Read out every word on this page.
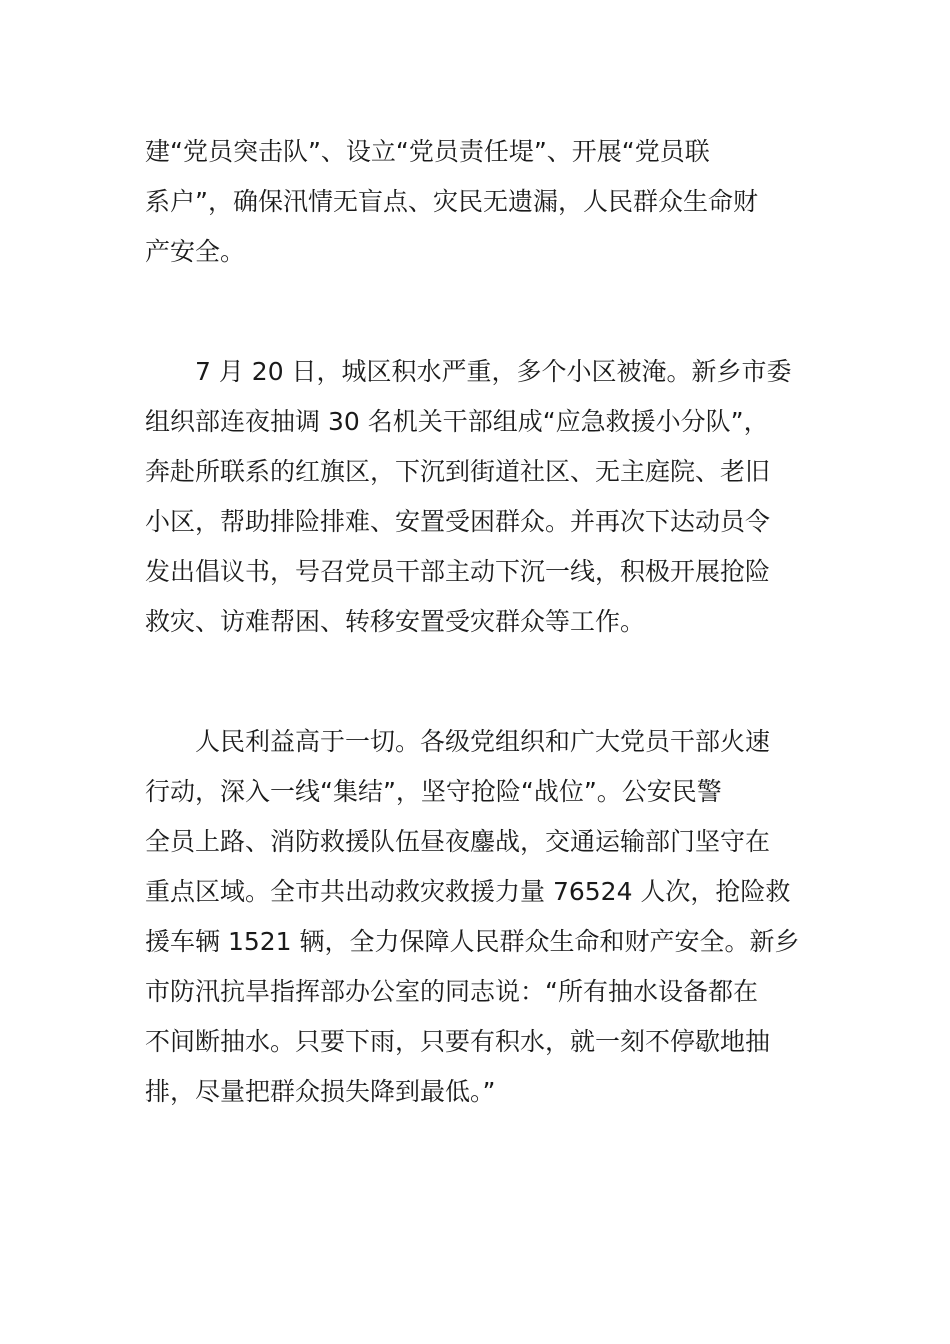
建“党员突击队”、设立“党员责任堤”、开展“党员联
系户”，确保汛情无盲点、灾民无遗漏，人民群众生命财
产安全。
7 月 20 日，城区积水严重，多个小区被淹。新乡市委
组织部连夜抽调 30 名机关干部组成“应急救援小分队”，
奔赴所联系的红旗区，下沉到街道社区、无主庭院、老旧
小区，帮助排险排难、安置受困群众。并再次下达动员令
发出倡议书，号召党员干部主动下沉一线，积极开展抢险
救灾、访难帮困、转移安置受灾群众等工作。
人民利益高于一切。各级党组织和广大党员干部火速
行动，深入一线“集结”，坚守抢险“战位”。公安民警
全员上路、消防救援队伍昼夜鏖战，交通运输部门坚守在
重点区域。全市共出动救灾救援力量 76524 人次，抢险救
援车辆 1521 辆，全力保障人民群众生命和财产安全。新乡
市防汛抗旱指挥部办公室的同志说：“所有抽水设备都在
不间断抽水。只要下雨，只要有积水，就一刻不停歇地抽
排，尽量把群众损失降到最低。”
